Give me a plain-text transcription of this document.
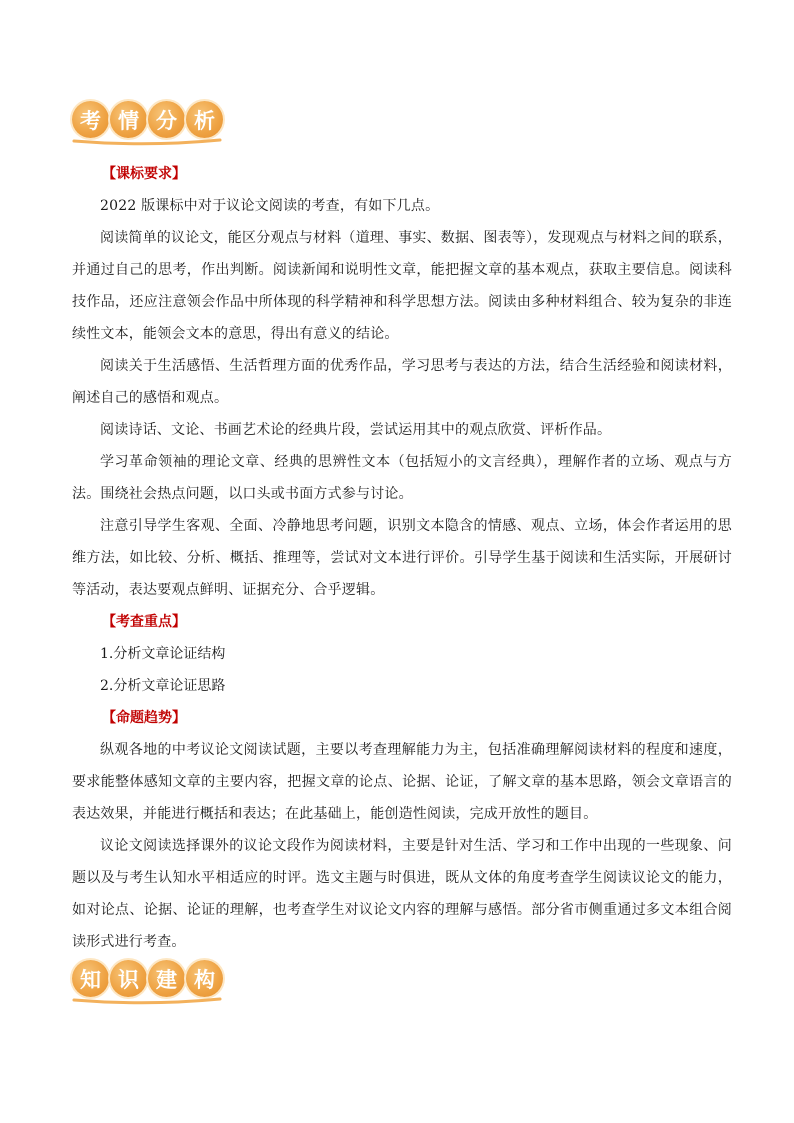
考 情 分 析
【课标要求】

2022 版课标中对于议论文阅读的考查，有如下几点。

阅读简单的议论文，能区分观点与材料（道理、事实、数据、图表等），发现观点与材料之间的联系，并通过自己的思考，作出判断。阅读新闻和说明性文章，能把握文章的基本观点，获取主要信息。阅读科技作品，还应注意领会作品中所体现的科学精神和科学思想方法。阅读由多种材料组合、较为复杂的非连续性文本，能领会文本的意思，得出有意义的结论。

阅读关于生活感悟、生活哲理方面的优秀作品，学习思考与表达的方法，结合生活经验和阅读材料，阐述自己的感悟和观点。

阅读诗话、文论、书画艺术论的经典片段，尝试运用其中的观点欣赏、评析作品。

学习革命领袖的理论文章、经典的思辨性文本（包括短小的文言经典），理解作者的立场、观点与方法。围绕社会热点问题，以口头或书面方式参与讨论。

注意引导学生客观、全面、冷静地思考问题，识别文本隐含的情感、观点、立场，体会作者运用的思维方法，如比较、分析、概括、推理等，尝试对文本进行评价。引导学生基于阅读和生活实际，开展研讨等活动，表达要观点鲜明、证据充分、合乎逻辑。

【考查重点】

1.分析文章论证结构

2.分析文章论证思路

【命题趋势】

纵观各地的中考议论文阅读试题，主要以考查理解能力为主，包括准确理解阅读材料的程度和速度，要求能整体感知文章的主要内容，把握文章的论点、论据、论证，了解文章的基本思路，领会文章语言的表达效果，并能进行概括和表达；在此基础上，能创造性阅读，完成开放性的题目。

议论文阅读选择课外的议论文段作为阅读材料，主要是针对生活、学习和工作中出现的一些现象、问题以及与考生认知水平相适应的时评。选文主题与时俱进，既从文体的角度考查学生阅读议论文的能力，如对论点、论据、论证的理解，也考查学生对议论文内容的理解与感悟。部分省市侧重通过多文本组合阅读形式进行考查。

知 识 建 构
